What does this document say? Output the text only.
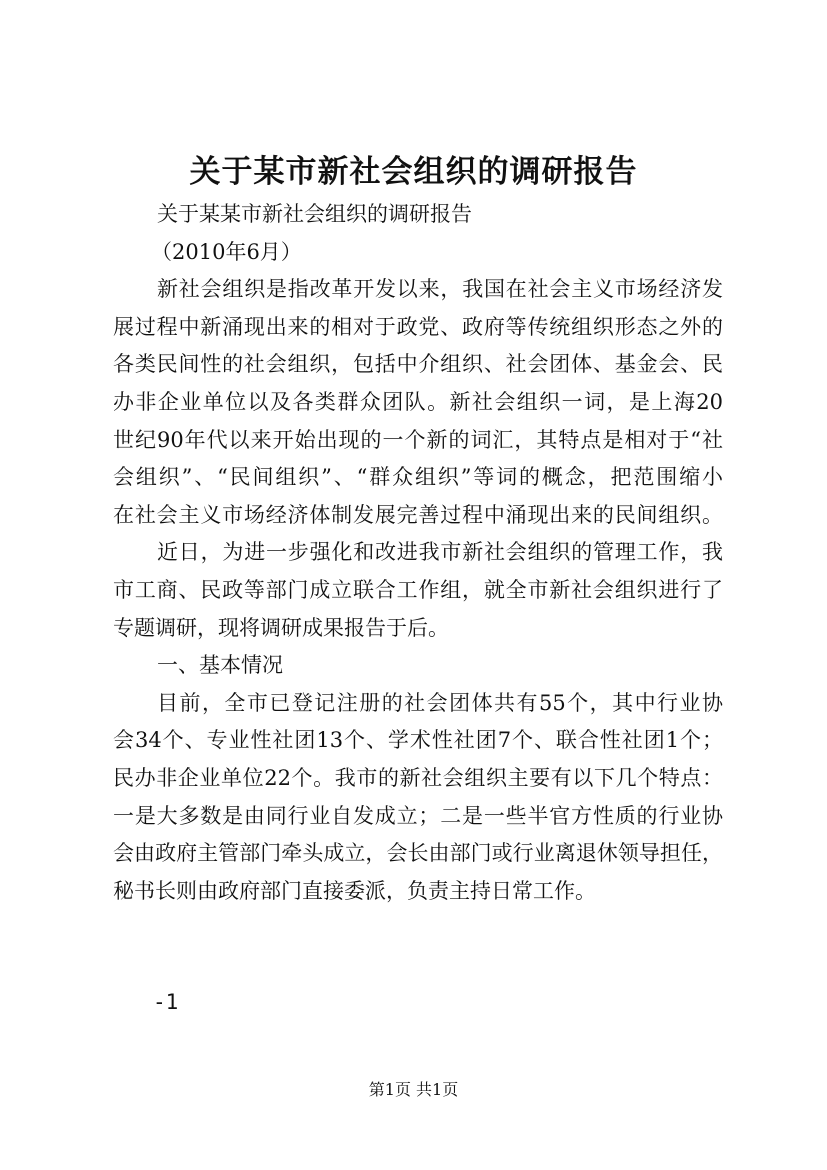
关于某市新社会组织的调研报告
关于某某市新社会组织的调研报告
（2010年6月）
新社会组织是指改革开发以来，我国在社会主义市场经济发
展过程中新涌现出来的相对于政党、政府等传统组织形态之外的
各类民间性的社会组织，包括中介组织、社会团体、基金会、民
办非企业单位以及各类群众团队。新社会组织一词，是上海20
世纪90年代以来开始出现的一个新的词汇，其特点是相对于“社
会组织”、“民间组织”、“群众组织”等词的概念，把范围缩小
在社会主义市场经济体制发展完善过程中涌现出来的民间组织。
近日，为进一步强化和改进我市新社会组织的管理工作，我
市工商、民政等部门成立联合工作组，就全市新社会组织进行了
专题调研，现将调研成果报告于后。
一、基本情况
目前，全市已登记注册的社会团体共有55个，其中行业协
会34个、专业性社团13个、学术性社团7个、联合性社团1个；
民办非企业单位22个。我市的新社会组织主要有以下几个特点：
一是大多数是由同行业自发成立；二是一些半官方性质的行业协
会由政府主管部门牵头成立，会长由部门或行业离退休领导担任，
秘书长则由政府部门直接委派，负责主持日常工作。
-1
第1页 共1页
